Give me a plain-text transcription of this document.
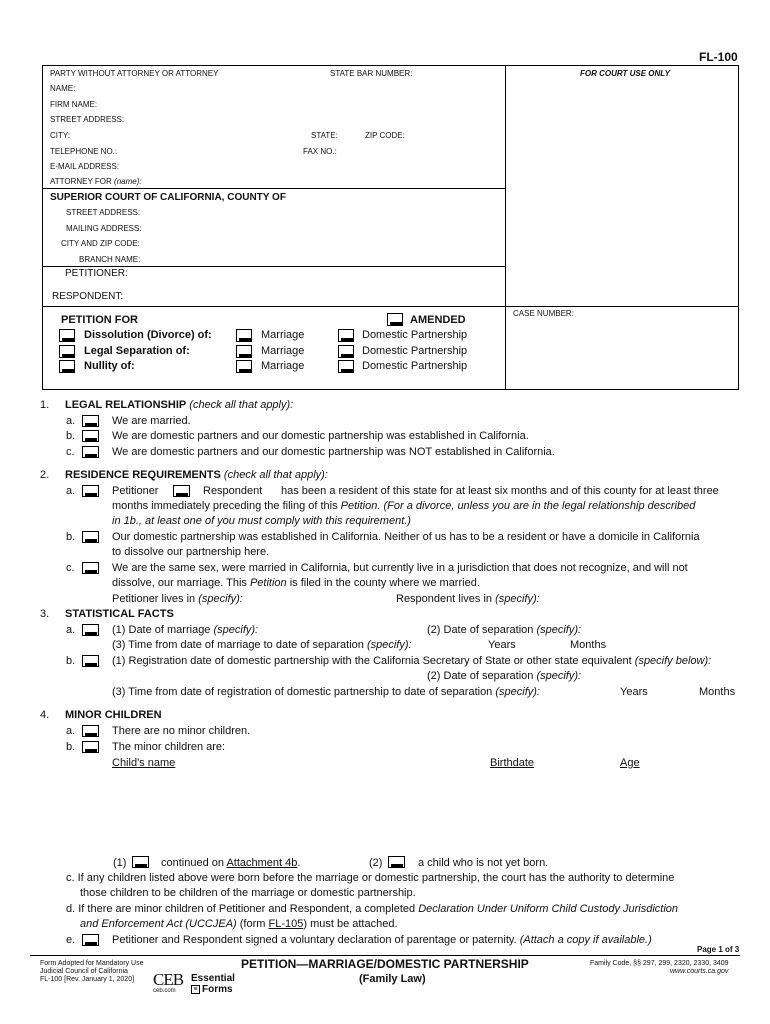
FL-100
PARTY WITHOUT ATTORNEY OR ATTORNEY	STATE BAR NUMBER:	FOR COURT USE ONLY
NAME:
FIRM NAME:
STREET ADDRESS:
CITY:	STATE:	ZIP CODE:
TELEPHONE NO.:	FAX NO.:
E-MAIL ADDRESS:
ATTORNEY FOR (name):
SUPERIOR COURT OF CALIFORNIA, COUNTY OF
STREET ADDRESS:
MAILING ADDRESS:
CITY AND ZIP CODE:
BRANCH NAME:
PETITIONER:
RESPONDENT:
CASE NUMBER:
PETITION FOR	AMENDED
Dissolution (Divorce) of:	Marriage	Domestic Partnership
Legal Separation of:	Marriage	Domestic Partnership
Nullity of:	Marriage	Domestic Partnership
1. LEGAL RELATIONSHIP (check all that apply):
a.	We are married.
b.	We are domestic partners and our domestic partnership was established in California.
c.	We are domestic partners and our domestic partnership was NOT established in California.
2. RESIDENCE REQUIREMENTS (check all that apply):
a.	Petitioner	Respondent has been a resident of this state for at least six months and of this county for at least three
months immediately preceding the filing of this Petition. (For a divorce, unless you are in the legal relationship described
in 1b., at least one of you must comply with this requirement.)
b.	Our domestic partnership was established in California. Neither of us has to be a resident or have a domicile in California
to dissolve our partnership here.
c.	We are the same sex, were married in California, but currently live in a jurisdiction that does not recognize, and will not
dissolve, our marriage. This Petition is filed in the county where we married.
Petitioner lives in (specify):	Respondent lives in (specify):
3. STATISTICAL FACTS
a.	(1) Date of marriage (specify):	(2) Date of separation (specify):
(3) Time from date of marriage to date of separation (specify):	Years	Months
b.	(1) Registration date of domestic partnership with the California Secretary of State or other state equivalent (specify below):
(2) Date of separation (specify):
(3) Time from date of registration of domestic partnership to date of separation (specify):	Years	Months
4. MINOR CHILDREN
a.	There are no minor children.
b.	The minor children are:
Child's name	Birthdate	Age
(1)	continued on Attachment 4b.	(2)	a child who is not yet born.
c. If any children listed above were born before the marriage or domestic partnership, the court has the authority to determine
those children to be children of the marriage or domestic partnership.
d. If there are minor children of Petitioner and Respondent, a completed Declaration Under Uniform Child Custody Jurisdiction
and Enforcement Act (UCCJEA) (form FL-105) must be attached.
e.	Petitioner and Respondent signed a voluntary declaration of parentage or paternity. (Attach a copy if available.)
Page 1 of 3
Form Adopted for Mandatory Use
Judicial Council of California
FL-100 [Rev. January 1, 2020]	CEB
ceb.com
Essential
≡ Forms
PETITION—MARRIAGE/DOMESTIC PARTNERSHIP
(Family Law)
Family Code, §§ 297, 299, 2320, 2330, 3409
www.courts.ca.gov
